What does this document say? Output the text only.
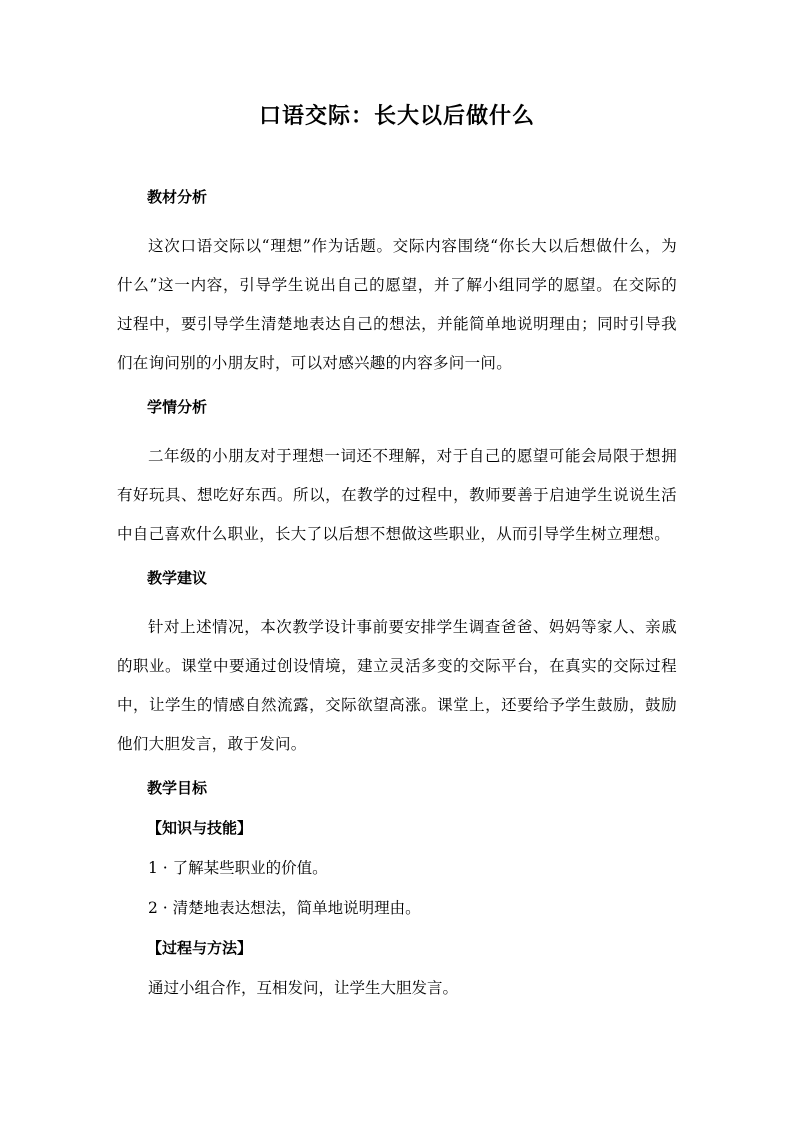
口语交际：长大以后做什么
教材分析

这次口语交际以“理想”作为话题。交际内容围绕“你长大以后想做什么，为什么”这一内容，引导学生说出自己的愿望，并了解小组同学的愿望。在交际的过程中，要引导学生清楚地表达自己的想法，并能简单地说明理由；同时引导我们在询问别的小朋友时，可以对感兴趣的内容多问一问。

学情分析

二年级的小朋友对于理想一词还不理解，对于自己的愿望可能会局限于想拥有好玩具、想吃好东西。所以，在教学的过程中，教师要善于启迪学生说说生活中自己喜欢什么职业，长大了以后想不想做这些职业，从而引导学生树立理想。

教学建议

针对上述情况，本次教学设计事前要安排学生调查爸爸、妈妈等家人、亲戚的职业。课堂中要通过创设情境，建立灵活多变的交际平台，在真实的交际过程中，让学生的情感自然流露，交际欲望高涨。课堂上，还要给予学生鼓励，鼓励他们大胆发言，敢于发问。

教学目标
【知识与技能】
1 · 了解某些职业的价值。
2 · 清楚地表达想法，简单地说明理由。
【过程与方法】
通过小组合作，互相发问，让学生大胆发言。
